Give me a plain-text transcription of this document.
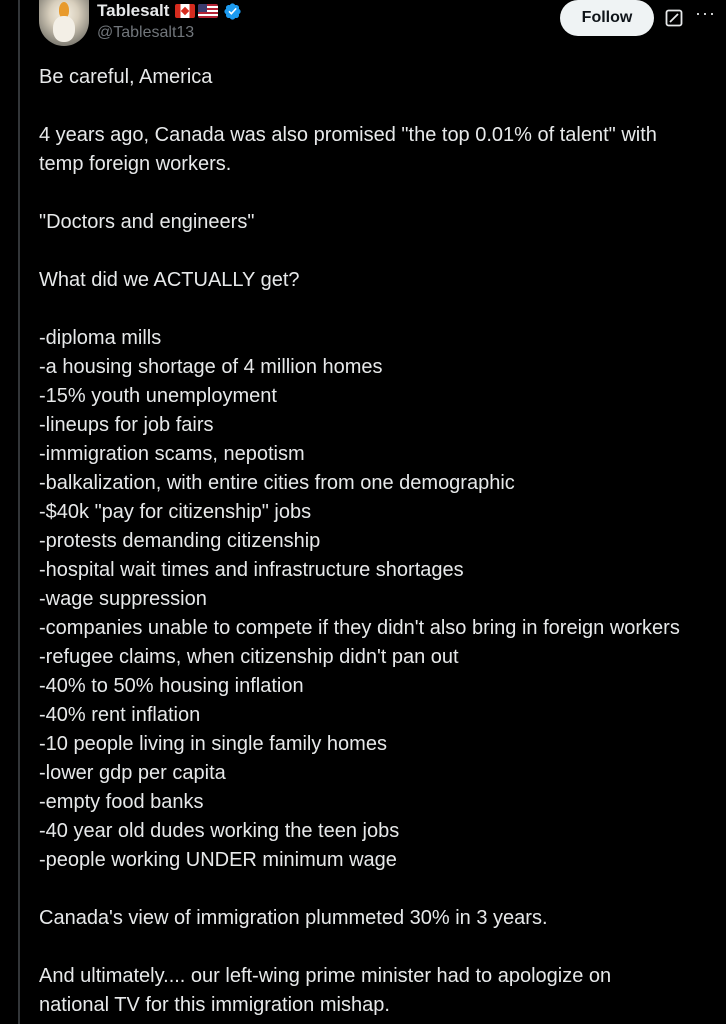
Tablesalt
@Tablesalt13
Follow	···
Be careful, America
4 years ago, Canada was also promised "the top 0.01% of talent" with
temp foreign workers.
"Doctors and engineers"
What did we ACTUALLY get?
-diploma mills
-a housing shortage of 4 million homes
-15% youth unemployment
-lineups for job fairs
-immigration scams, nepotism
-balkalization, with entire cities from one demographic
-$40k "pay for citizenship" jobs
-protests demanding citizenship
-hospital wait times and infrastructure shortages
-wage suppression
-companies unable to compete if they didn't also bring in foreign workers
-refugee claims, when citizenship didn't pan out
-40% to 50% housing inflation
-40% rent inflation
-10 people living in single family homes
-lower gdp per capita
-empty food banks
-40 year old dudes working the teen jobs
-people working UNDER minimum wage
Canada's view of immigration plummeted 30% in 3 years.
And ultimately.... our left-wing prime minister had to apologize on
national TV for this immigration mishap.
